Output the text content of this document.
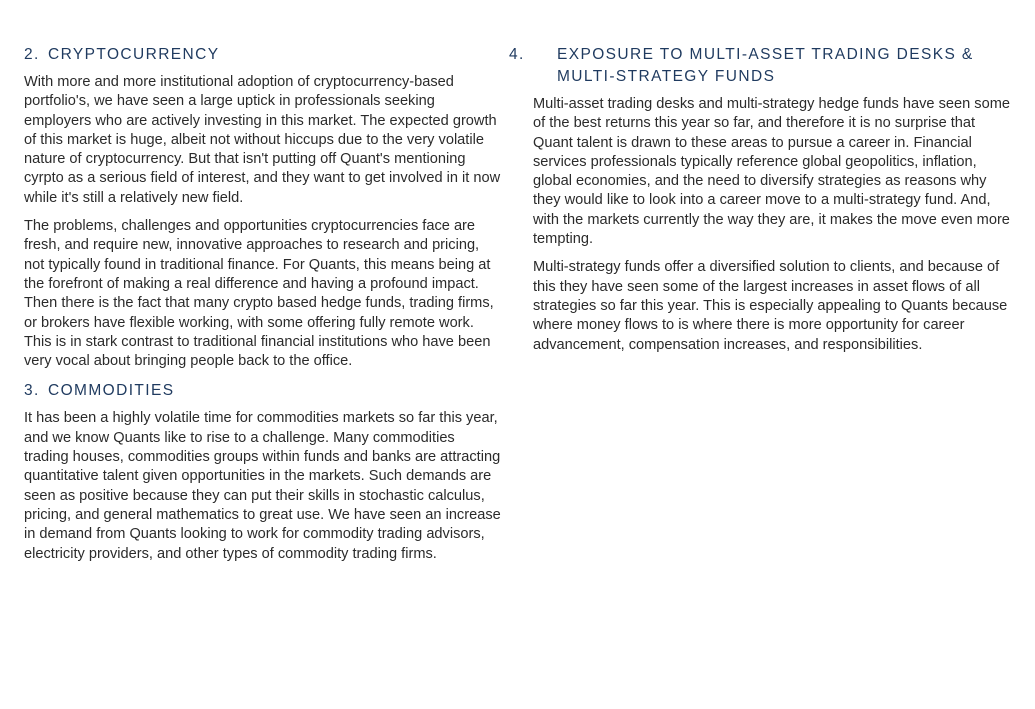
2. CRYPTOCURRENCY

With more and more institutional adoption of cryptocurrency-based portfolio's, we have seen a large uptick in professionals seeking employers who are actively investing in this market. The expected growth of this market is huge, albeit not without hiccups due to the very volatile nature of cryptocurrency. But that isn't putting off Quant's mentioning cyrpto as a serious field of interest, and they want to get involved in it now while it's still a relatively new field.

The problems, challenges and opportunities cryptocurrencies face are fresh, and require new, innovative approaches to research and pricing, not typically found in traditional finance. For Quants, this means being at the forefront of making a real difference and having a profound impact. Then there is the fact that many crypto based hedge funds, trading firms, or brokers have flexible working, with some offering fully remote work. This is in stark contrast to traditional financial institutions who have been very vocal about bringing people back to the office.

3. COMMODITIES

It has been a highly volatile time for commodities markets so far this year, and we know Quants like to rise to a challenge. Many commodities trading houses, commodities groups within funds and banks are attracting quantitative talent given opportunities in the markets. Such demands are seen as positive because they can put their skills in stochastic calculus, pricing, and general mathematics to great use. We have seen an increase in demand from Quants looking to work for commodity trading advisors, electricity providers, and other types of commodity trading firms.

4. EXPOSURE TO MULTI-ASSET TRADING DESKS & MULTI-STRATEGY FUNDS

Multi-asset trading desks and multi-strategy hedge funds have seen some of the best returns this year so far, and therefore it is no surprise that Quant talent is drawn to these areas to pursue a career in. Financial services professionals typically reference global geopolitics, inflation, global economies, and the need to diversify strategies as reasons why they would like to look into a career move to a multi-strategy fund. And, with the markets currently the way they are, it makes the move even more tempting.

Multi-strategy funds offer a diversified solution to clients, and because of this they have seen some of the largest increases in asset flows of all strategies so far this year. This is especially appealing to Quants because where money flows to is where there is more opportunity for career advancement, compensation increases, and responsibilities.
